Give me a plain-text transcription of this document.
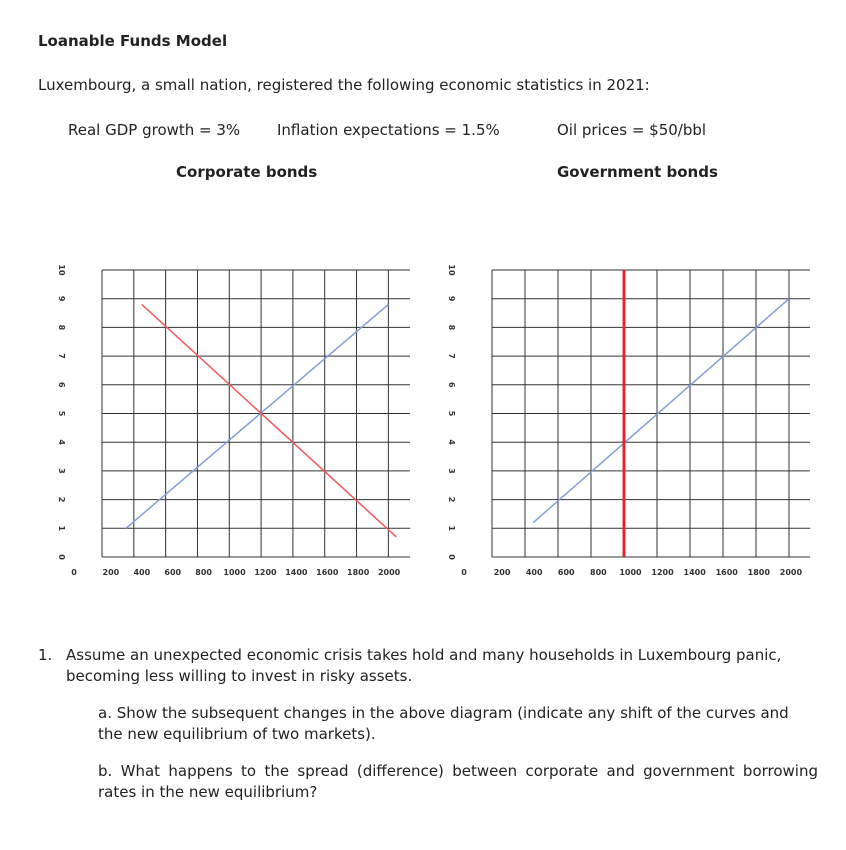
Loanable Funds Model
Luxembourg, a small nation, registered the following economic statistics in 2021:
Real GDP growth = 3% Inflation expectations = 1.5%	Oil prices = $50/bbl
Corporate bonds	Government bonds
0
1
2
3
4
5
6
7
8
9
10
0	200 400 600 800 1000 1200 1400 1600 1800 2000
0
1
2
3
4
5
6
7
8
9
10
0	200 400 600 800 1000 1200 1400 1600 1800 2000
1. Assume an unexpected economic crisis takes hold and many households in Luxembourg panic, becoming less willing to invest in risky assets.
a. Show the subsequent changes in the above diagram (indicate any shift of the curves and the new equilibrium of two markets).
b. What happens to the spread (difference) between corporate and government borrowing rates in the new equilibrium?
